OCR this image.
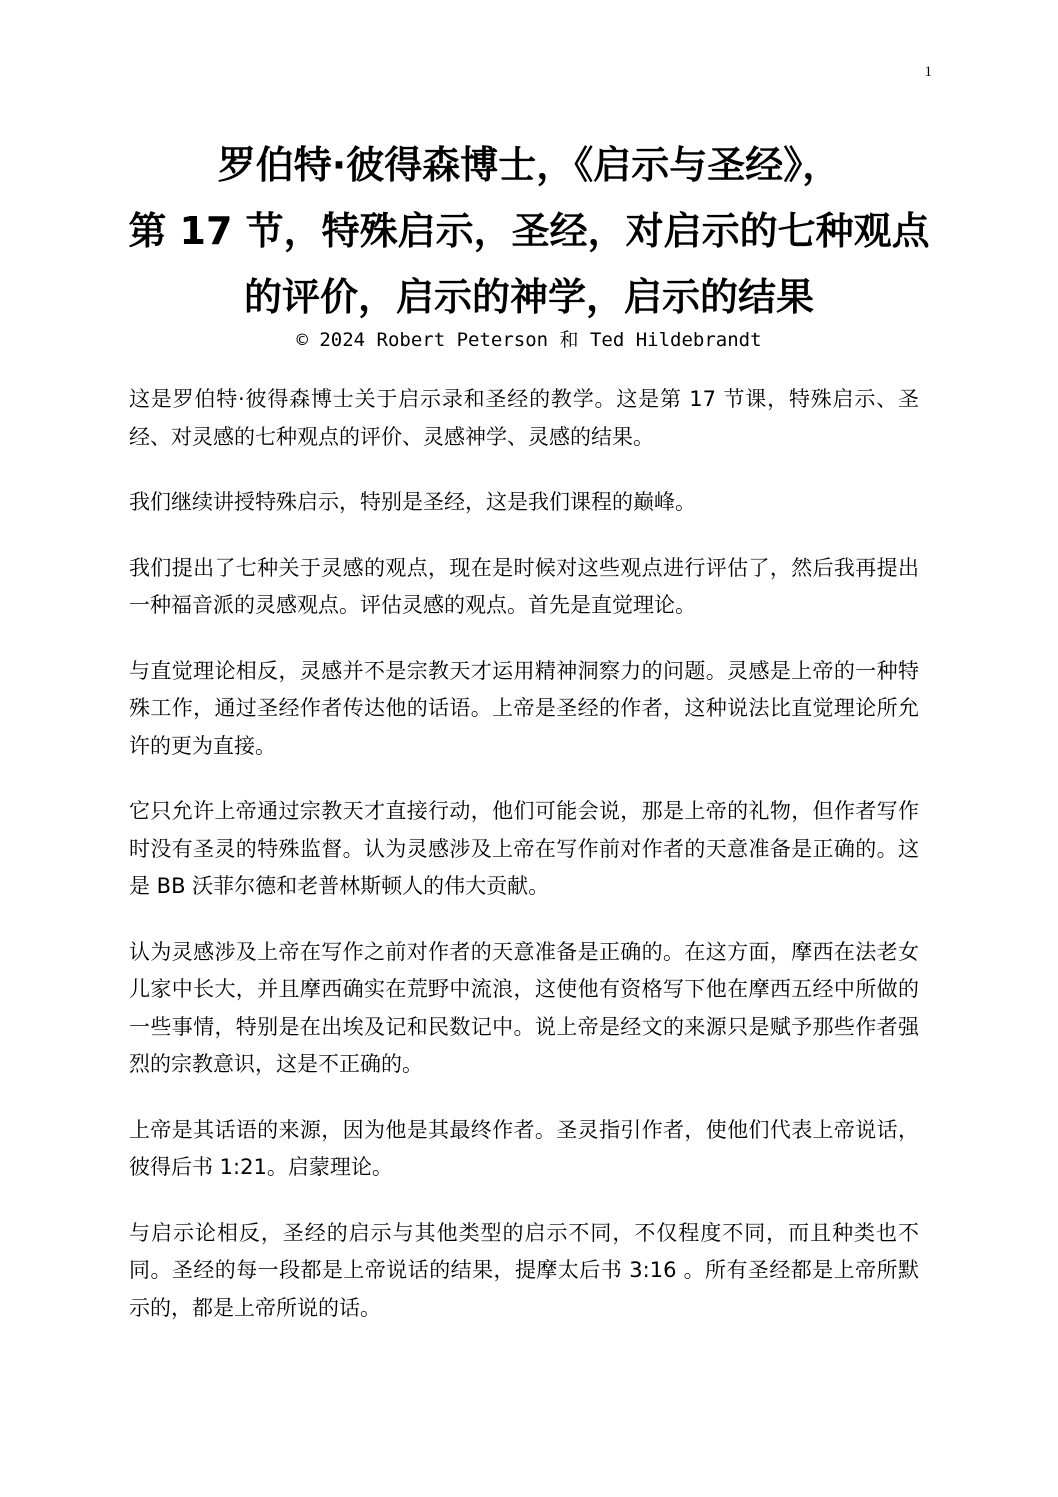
1
罗伯特·彼得森博士，《启示与圣经》，
第 17 节，特殊启示，圣经，对启示的七种观点
的评价，启示的神学，启示的结果
© 2024 Robert Peterson 和 Ted Hildebrandt

这是罗伯特·彼得森博士关于启示录和圣经的教学。这是第 17 节课，特殊启示、圣经、对灵感的七种观点的评价、灵感神学、灵感的结果。

我们继续讲授特殊启示，特别是圣经，这是我们课程的巅峰。

我们提出了七种关于灵感的观点，现在是时候对这些观点进行评估了，然后我再提出一种福音派的灵感观点。评估灵感的观点。首先是直觉理论。

与直觉理论相反，灵感并不是宗教天才运用精神洞察力的问题。灵感是上帝的一种特殊工作，通过圣经作者传达他的话语。上帝是圣经的作者，这种说法比直觉理论所允许的更为直接。

它只允许上帝通过宗教天才直接行动，他们可能会说，那是上帝的礼物，但作者写作时没有圣灵的特殊监督。认为灵感涉及上帝在写作前对作者的天意准备是正确的。这是 BB 沃菲尔德和老普林斯顿人的伟大贡献。

认为灵感涉及上帝在写作之前对作者的天意准备是正确的。在这方面，摩西在法老女儿家中长大，并且摩西确实在荒野中流浪，这使他有资格写下他在摩西五经中所做的一些事情，特别是在出埃及记和民数记中。说上帝是经文的来源只是赋予那些作者强烈的宗教意识，这是不正确的。

上帝是其话语的来源，因为他是其最终作者。圣灵指引作者，使他们代表上帝说话，彼得后书 1:21。启蒙理论。

与启示论相反，圣经的启示与其他类型的启示不同，不仅程度不同，而且种类也不同。圣经的每一段都是上帝说话的结果，提摩太后书 3:16 。所有圣经都是上帝所默示的，都是上帝所说的话。
